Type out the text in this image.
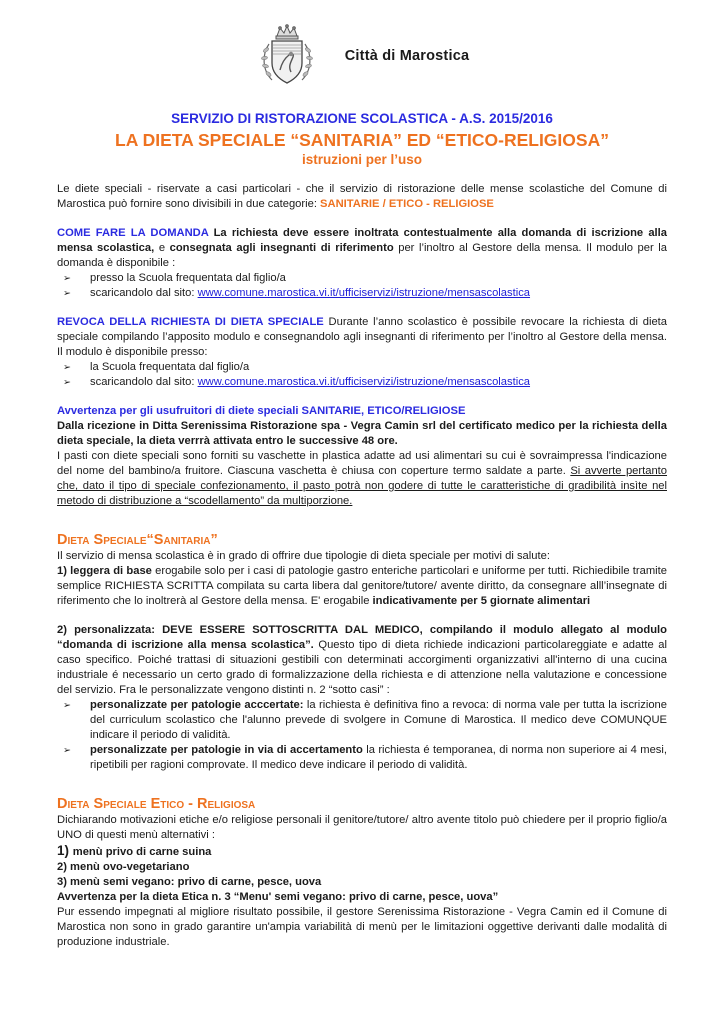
Città di Marostica
SERVIZIO DI RISTORAZIONE SCOLASTICA - A.S. 2015/2016
LA DIETA SPECIALE “SANITARIA” ED “ETICO-RELIGIOSA”
istruzioni per l’uso
Le diete speciali - riservate a casi particolari - che il servizio di ristorazione delle mense scolastiche del Comune di Marostica può fornire sono divisibili in due categorie: SANITARIE / ETICO - RELIGIOSE
COME FARE LA DOMANDA La richiesta deve essere inoltrata contestualmente alla domanda di iscrizione alla mensa scolastica, e consegnata agli insegnanti di riferimento per l’inoltro al Gestore della mensa. Il modulo per la domanda è disponibile :
➢	presso la Scuola frequentata dal figlio/a
➢	scaricandolo dal sito: www.comune.marostica.vi.it/ufficiservizi/istruzione/mensascolastica
REVOCA DELLA RICHIESTA DI DIETA SPECIALE Durante l’anno scolastico è possibile revocare la richiesta di dieta speciale compilando l’apposito modulo e consegnandolo agli insegnanti di riferimento per l’inoltro al Gestore della mensa. Il modulo è disponibile presso:
➢	la Scuola frequentata dal figlio/a
➢	scaricandolo dal sito: www.comune.marostica.vi.it/ufficiservizi/istruzione/mensascolastica
Avvertenza per gli usufruitori di diete speciali SANITARIE, ETICO/RELIGIOSE
Dalla ricezione in Ditta Serenissima Ristorazione spa - Vegra Camin srl del certificato medico per la richiesta della dieta speciale, la dieta verrrà attivata entro le successive 48 ore.
I pasti con diete speciali sono forniti su vaschette in plastica adatte ad usi alimentari su cui è sovraimpressa l'indicazione del nome del bambino/a fruitore. Ciascuna vaschetta è chiusa con coperture termo saldate a parte. Si avverte pertanto che, dato il tipo di speciale confezionamento, il pasto potrà non godere di tutte le caratteristiche di gradibilità insìte nel metodo di distribuzione a “scodellamento” da multiporzione.
Dieta Speciale“Sanitaria”
Il servizio di mensa scolastica è in grado di offrire due tipologie di dieta speciale per motivi di salute:
1) leggera di base erogabile solo per i casi di patologie gastro enteriche particolari e uniforme per tutti. Richiedibile tramite semplice RICHIESTA SCRITTA compilata su carta libera dal genitore/tutore/ avente diritto, da consegnare alll’insegnate di riferimento che lo inoltrerà al Gestore della mensa. E' erogabile indicativamente per 5 giornate alimentari
2) personalizzata: DEVE ESSERE SOTTOSCRITTA DAL MEDICO, compilando il modulo allegato al modulo “domanda di iscrizione alla mensa scolastica”. Questo tipo di dieta richiede indicazioni particolareggiate e adatte al caso specifico. Poiché trattasi di situazioni gestibili con determinati accorgimenti organizzativi all'interno di una cucina industriale é necessario un certo grado di formalizzazione della richiesta e di attenzione nella valutazione e concessione del servizio. Fra le personalizzate vengono distinti n. 2 “sotto casi” :
➢	personalizzate per patologie acccertate: la richiesta è definitiva fino a revoca: di norma vale per tutta la iscrizione del curriculum scolastico che l'alunno prevede di svolgere in Comune di Marostica. Il medico deve COMUNQUE indicare il periodo di validità.
➢	personalizzate per patologie in via di accertamento la richiesta é temporanea, di norma non superiore ai 4 mesi, ripetibili per ragioni comprovate. Il medico deve indicare il periodo di validità.
Dieta Speciale Etico - Religiosa
Dichiarando motivazioni etiche e/o religiose personali il genitore/tutore/ altro avente titolo può chiedere per il proprio figlio/a UNO di questi menù alternativi :
1) menù privo di carne suina
2) menù ovo-vegetariano
3) menù semi vegano: privo di carne, pesce, uova
Avvertenza per la dieta Etica n. 3 “Menu' semi vegano: privo di carne, pesce, uova”
Pur essendo impegnati al migliore risultato possibile, il gestore Serenissima Ristorazione - Vegra Camin ed il Comune di Marostica non sono in grado garantire un'ampia variabilità di menù per le limitazioni oggettive derivanti dalle modalità di produzione industriale.
